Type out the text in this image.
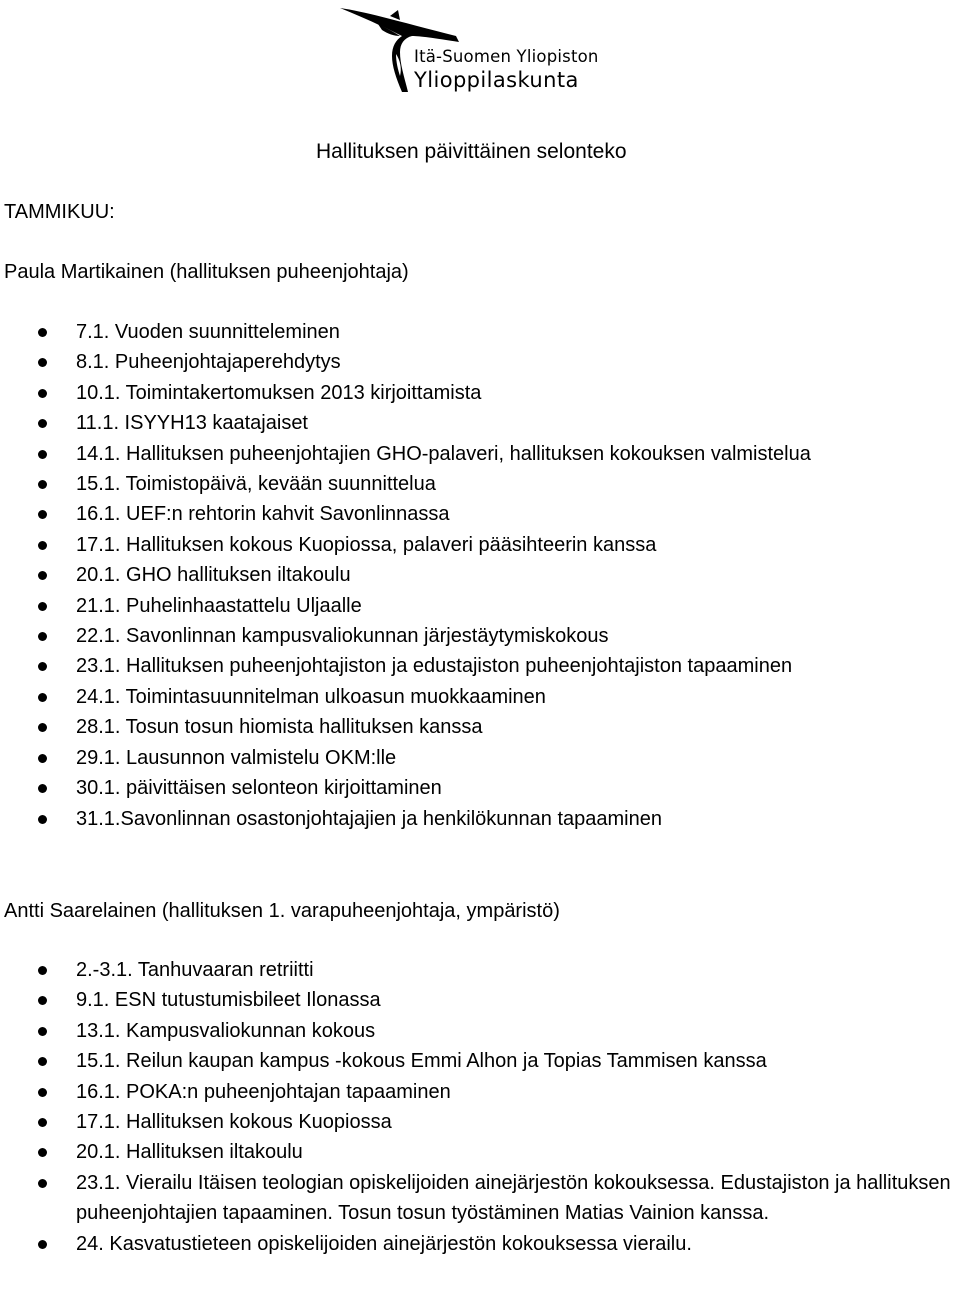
Itä-Suomen Yliopiston
Ylioppilaskunta
Hallituksen päivittäinen selonteko
TAMMIKUU:
Paula Martikainen (hallituksen puheenjohtaja)
7.1. Vuoden suunnitteleminen
8.1. Puheenjohtajaperehdytys
10.1. Toimintakertomuksen 2013 kirjoittamista
11.1. ISYYH13 kaatajaiset
14.1. Hallituksen puheenjohtajien GHO-palaveri, hallituksen kokouksen valmistelua
15.1. Toimistopäivä, kevään suunnittelua
16.1. UEF:n rehtorin kahvit Savonlinnassa
17.1. Hallituksen kokous Kuopiossa, palaveri pääsihteerin kanssa
20.1. GHO hallituksen iltakoulu
21.1. Puhelinhaastattelu Uljaalle
22.1. Savonlinnan kampusvaliokunnan järjestäytymiskokous
23.1. Hallituksen puheenjohtajiston ja edustajiston puheenjohtajiston tapaaminen
24.1. Toimintasuunnitelman ulkoasun muokkaaminen
28.1. Tosun tosun hiomista hallituksen kanssa
29.1. Lausunnon valmistelu OKM:lle
30.1. päivittäisen selonteon kirjoittaminen
31.1.Savonlinnan osastonjohtajajien ja henkilökunnan tapaaminen
Antti Saarelainen (hallituksen 1. varapuheenjohtaja, ympäristö)
2.-3.1. Tanhuvaaran retriitti
9.1. ESN tutustumisbileet Ilonassa
13.1. Kampusvaliokunnan kokous
15.1. Reilun kaupan kampus -kokous Emmi Alhon ja Topias Tammisen kanssa
16.1. POKA:n puheenjohtajan tapaaminen
17.1. Hallituksen kokous Kuopiossa
20.1. Hallituksen iltakoulu
23.1. Vierailu Itäisen teologian opiskelijoiden ainejärjestön kokouksessa. Edustajiston ja hallituksen puheenjohtajien tapaaminen. Tosun tosun työstäminen Matias Vainion kanssa.
24. Kasvatustieteen opiskelijoiden ainejärjestön kokouksessa vierailu.
